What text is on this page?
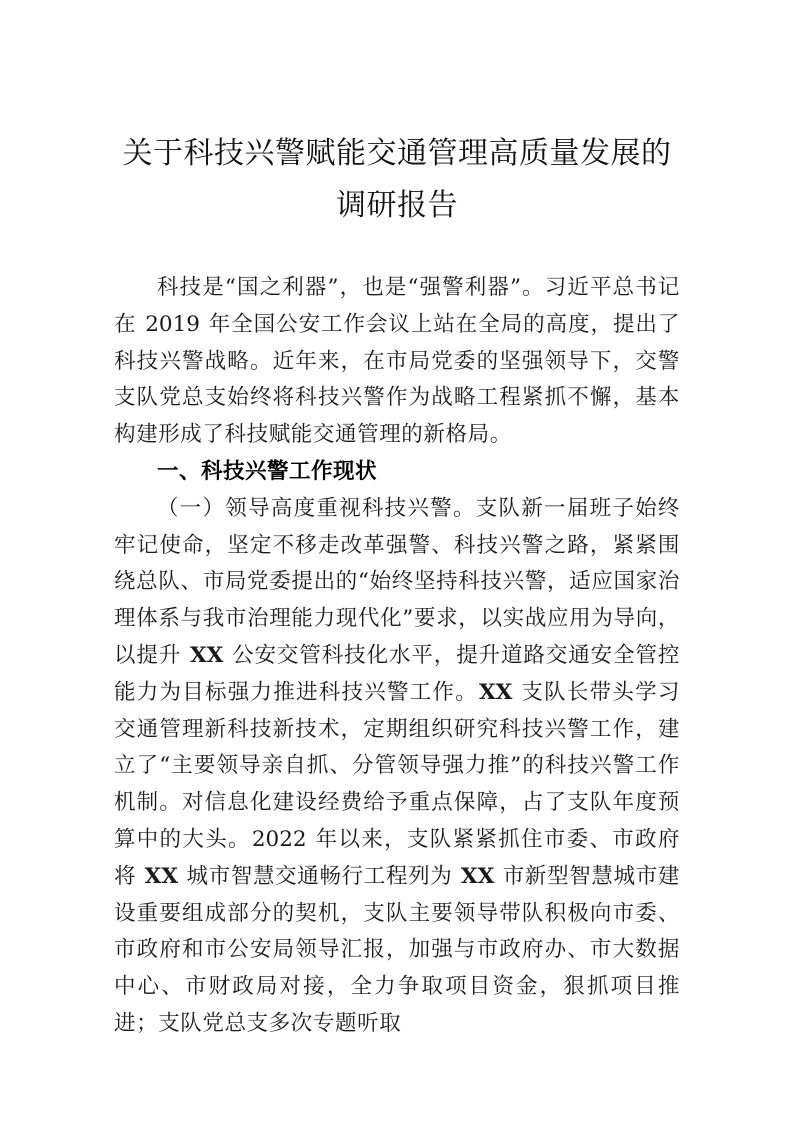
关于科技兴警赋能交通管理高质量发展的
调研报告

科技是“国之利器”，也是“强警利器”。习近平总书记在 2019 年全国公安工作会议上站在全局的高度，提出了科技兴警战略。近年来，在市局党委的坚强领导下，交警支队党总支始终将科技兴警作为战略工程紧抓不懈，基本构建形成了科技赋能交通管理的新格局。

一、科技兴警工作现状

（一）领导高度重视科技兴警。支队新一届班子始终牢记使命，坚定不移走改革强警、科技兴警之路，紧紧围绕总队、市局党委提出的“始终坚持科技兴警，适应国家治理体系与我市治理能力现代化”要求，以实战应用为导向，以提升 XX 公安交管科技化水平，提升道路交通安全管控能力为目标强力推进科技兴警工作。XX 支队长带头学习交通管理新科技新技术，定期组织研究科技兴警工作，建立了“主要领导亲自抓、分管领导强力推”的科技兴警工作机制。对信息化建设经费给予重点保障，占了支队年度预算中的大头。2022 年以来，支队紧紧抓住市委、市政府将 XX 城市智慧交通畅行工程列为 XX 市新型智慧城市建设重要组成部分的契机，支队主要领导带队积极向市委、市政府和市公安局领导汇报，加强与市政府办、市大数据中心、市财政局对接，全力争取项目资金，狠抓项目推进；支队党总支多次专题听取
